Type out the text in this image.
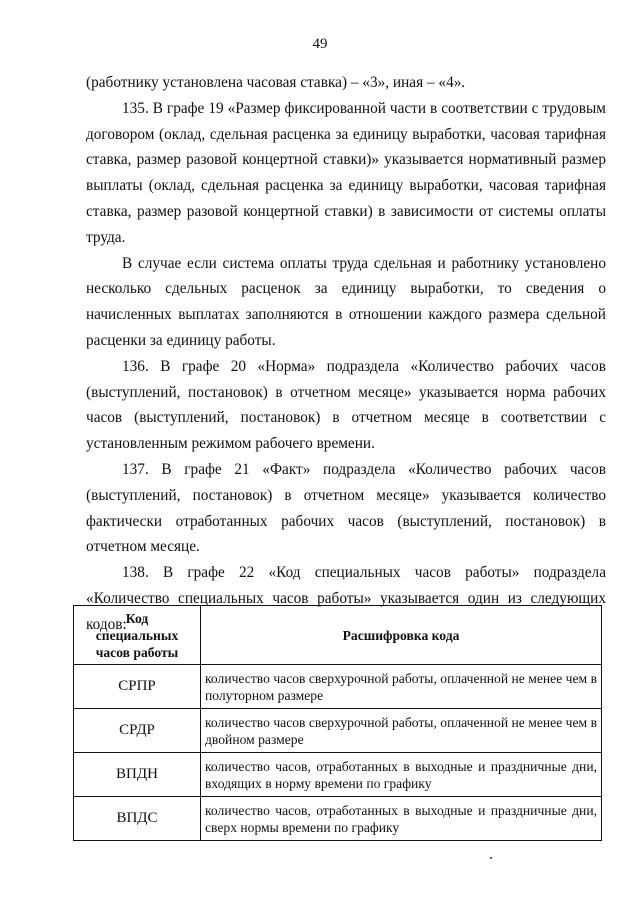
49

(работнику установлена часовая ставка) – «3», иная – «4».

135. В графе 19 «Размер фиксированной части в соответствии с трудовым договором (оклад, сдельная расценка за единицу выработки, часовая тарифная ставка, размер разовой концертной ставки)» указывается нормативный размер выплаты (оклад, сдельная расценка за единицу выработки, часовая тарифная ставка, размер разовой концертной ставки) в зависимости от системы оплаты труда.

В случае если система оплаты труда сдельная и работнику установлено несколько сдельных расценок за единицу выработки, то сведения о начисленных выплатах заполняются в отношении каждого размера сдельной расценки за единицу работы.

136. В графе 20 «Норма» подраздела «Количество рабочих часов (выступлений, постановок) в отчетном месяце» указывается норма рабочих часов (выступлений, постановок) в отчетном месяце в соответствии с установленным режимом рабочего времени.

137. В графе 21 «Факт» подраздела «Количество рабочих часов (выступлений, постановок) в отчетном месяце» указывается количество фактически отработанных рабочих часов (выступлений, постановок) в отчетном месяце.

138. В графе 22 «Код специальных часов работы» подраздела «Количество специальных часов работы» указывается один из следующих кодов:

Код
специальных
часов работы	Расшифровка кода
СРПР	количество часов сверхурочной работы, оплаченной не менее чем в полуторном размере
СРДР	количество часов сверхурочной работы, оплаченной не менее чем в двойном размере
ВПДН	количество часов, отработанных в выходные и праздничные дни, входящих в норму времени по графику
ВПДС	количество часов, отработанных в выходные и праздничные дни, сверх нормы времени по графику
